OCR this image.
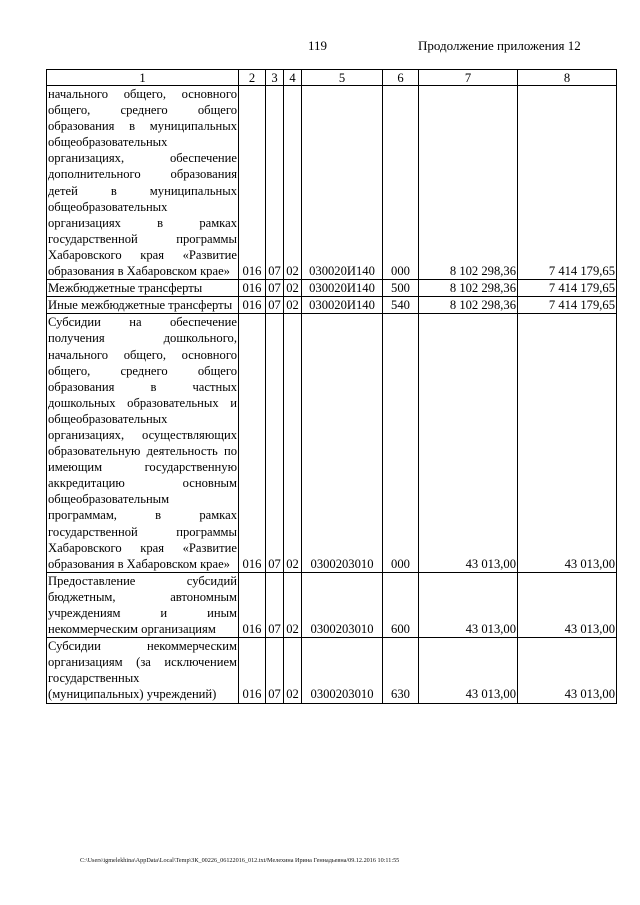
119	Продолжение приложения 12
1	2	3	4	5	6	7	8
начального общего, основного общего, среднего общего образования в муниципальных общеобразовательных организациях, обеспечение дополнительного образования детей в муниципальных общеобразовательных организациях в рамках государственной программы Хабаровского края «Развитие образования в Хабаровском крае»	016	07	02	030020И140	000	8 102 298,36	7 414 179,65
Межбюджетные трансферты	016	07	02	030020И140	500	8 102 298,36	7 414 179,65
Иные межбюджетные трансферты	016	07	02	030020И140	540	8 102 298,36	7 414 179,65
Субсидии на обеспечение получения дошкольного, начального общего, основного общего, среднего общего образования в частных дошкольных образовательных и общеобразовательных организациях, осуществляющих образовательную деятельность по имеющим государственную аккредитацию основным общеобразовательным программам, в рамках государственной программы Хабаровского края «Развитие образования в Хабаровском крае»	016	07	02	0300203010	000	43 013,00	43 013,00
Предоставление субсидий бюджетным, автономным учреждениям и иным некоммерческим организациям	016	07	02	0300203010	600	43 013,00	43 013,00
Субсидии некоммерческим организациям (за исключением государственных (муниципальных) учреждений)	016	07	02	0300203010	630	43 013,00	43 013,00
C:\Users\igmelekhina\AppData\Local\Temp\ЗК_00226_06122016_012.txt/Мелехина Ирина Геннадьевна/09.12.2016 10:11:55
